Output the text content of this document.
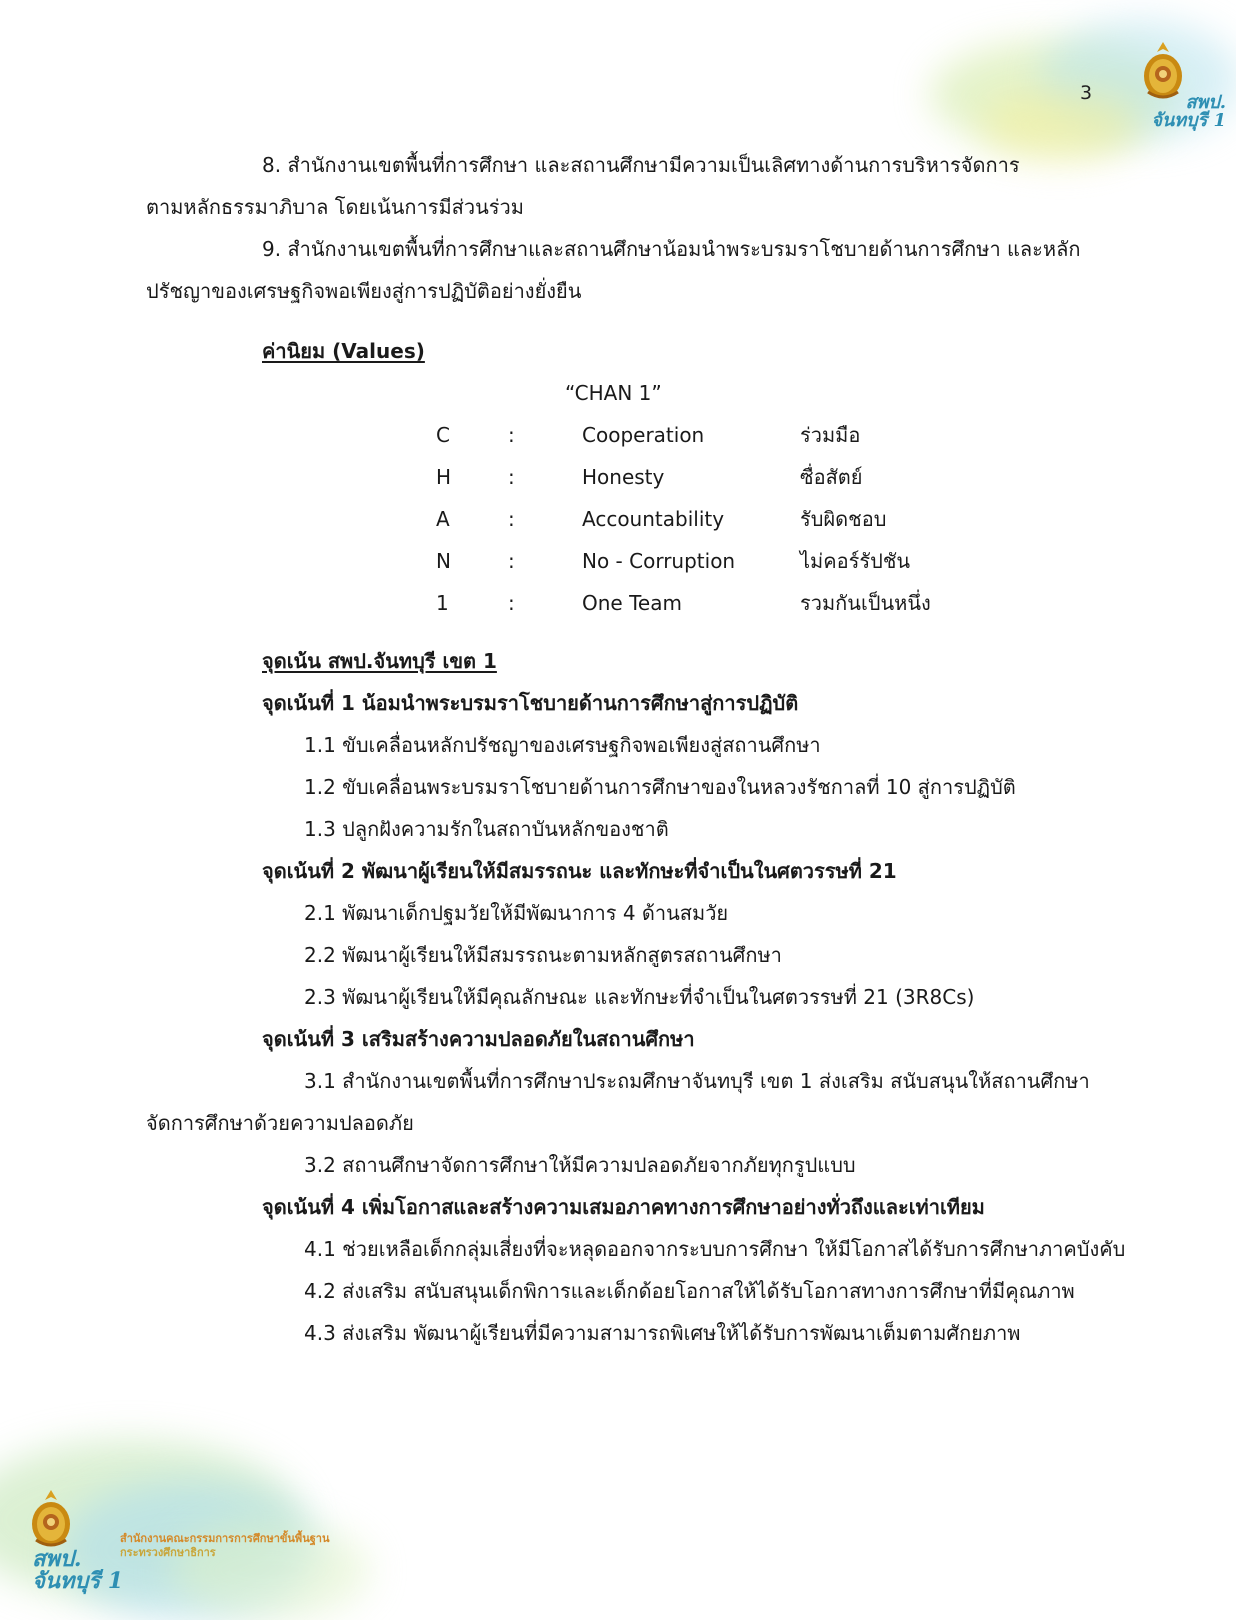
สพป. จันทบุรี 1
3
8. สำนักงานเขตพื้นที่การศึกษา และสถานศึกษามีความเป็นเลิศทางด้านการบริหารจัดการ
ตามหลักธรรมาภิบาล โดยเน้นการมีส่วนร่วม
9. สำนักงานเขตพื้นที่การศึกษาและสถานศึกษาน้อมนำพระบรมราโชบายด้านการศึกษา และหลัก
ปรัชญาของเศรษฐกิจพอเพียงสู่การปฏิบัติอย่างยั่งยืน
ค่านิยม (Values)
“CHAN 1”
C	:	Cooperation	ร่วมมือ
H	:	Honesty	ซื่อสัตย์
A	:	Accountability	รับผิดชอบ
N	:	No - Corruption	ไม่คอร์รัปชัน
1	:	One Team	รวมกันเป็นหนึ่ง
จุดเน้น สพป.จันทบุรี เขต 1
จุดเน้นที่ 1 น้อมนำพระบรมราโชบายด้านการศึกษาสู่การปฏิบัติ
1.1 ขับเคลื่อนหลักปรัชญาของเศรษฐกิจพอเพียงสู่สถานศึกษา
1.2 ขับเคลื่อนพระบรมราโชบายด้านการศึกษาของในหลวงรัชกาลที่ 10 สู่การปฏิบัติ
1.3 ปลูกฝังความรักในสถาบันหลักของชาติ
จุดเน้นที่ 2 พัฒนาผู้เรียนให้มีสมรรถนะ และทักษะที่จำเป็นในศตวรรษที่ 21
2.1 พัฒนาเด็กปฐมวัยให้มีพัฒนาการ 4 ด้านสมวัย
2.2 พัฒนาผู้เรียนให้มีสมรรถนะตามหลักสูตรสถานศึกษา
2.3 พัฒนาผู้เรียนให้มีคุณลักษณะ และทักษะที่จำเป็นในศตวรรษที่ 21 (3R8Cs)
จุดเน้นที่ 3 เสริมสร้างความปลอดภัยในสถานศึกษา
3.1 สำนักงานเขตพื้นที่การศึกษาประถมศึกษาจันทบุรี เขต 1 ส่งเสริม สนับสนุนให้สถานศึกษา
จัดการศึกษาด้วยความปลอดภัย
3.2 สถานศึกษาจัดการศึกษาให้มีความปลอดภัยจากภัยทุกรูปแบบ
จุดเน้นที่ 4 เพิ่มโอกาสและสร้างความเสมอภาคทางการศึกษาอย่างทั่วถึงและเท่าเทียม
4.1 ช่วยเหลือเด็กกลุ่มเสี่ยงที่จะหลุดออกจากระบบการศึกษา ให้มีโอกาสได้รับการศึกษาภาคบังคับ
4.2 ส่งเสริม สนับสนุนเด็กพิการและเด็กด้อยโอกาสให้ได้รับโอกาสทางการศึกษาที่มีคุณภาพ
4.3 ส่งเสริม พัฒนาผู้เรียนที่มีความสามารถพิเศษให้ได้รับการพัฒนาเต็มตามศักยภาพ
สพป. จันทบุรี 1
สำนักงานคณะกรรมการการศึกษาขั้นพื้นฐาน
กระทรวงศึกษาธิการ
